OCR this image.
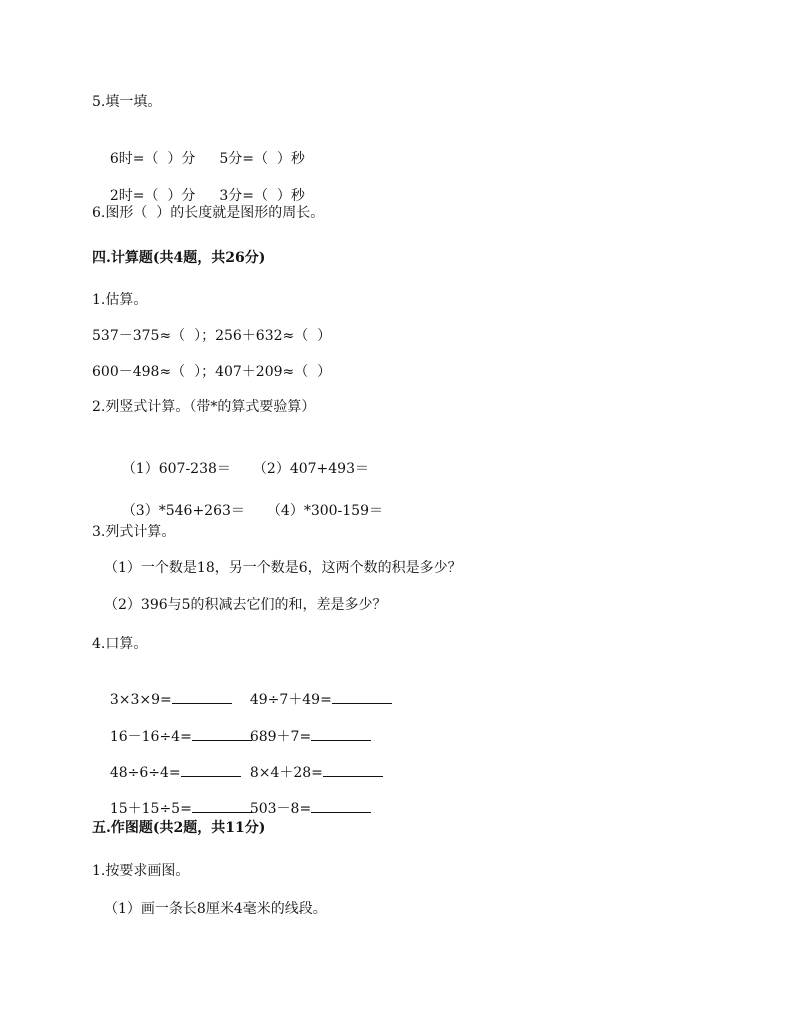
5.填一填。

6时=（  ）分 5分=（  ）秒

2时=（  ）分 3分=（  ）秒

6.图形（  ）的长度就是图形的周长。
四.计算题(共4题，共26分)
1.估算。
537－375≈（  ）；256＋632≈（  ）
600－498≈（  ）；407＋209≈（  ）
2.列竖式计算。（带*的算式要验算）

（1）607-238＝ （2）407+493＝

（3）*546+263＝ （4）*300-159＝

3.列式计算。
（1）一个数是18，另一个数是6，这两个数的积是多少？
（2）396与5的积减去它们的和，差是多少？
4.口算。

3×3×9=	49÷7＋49=

16－16÷4=	689＋7=

48÷6÷4=	8×4＋28=

15＋15÷5=	503－8=

五.作图题(共2题，共11分)
1.按要求画图。
（1）画一条长8厘米4毫米的线段。
